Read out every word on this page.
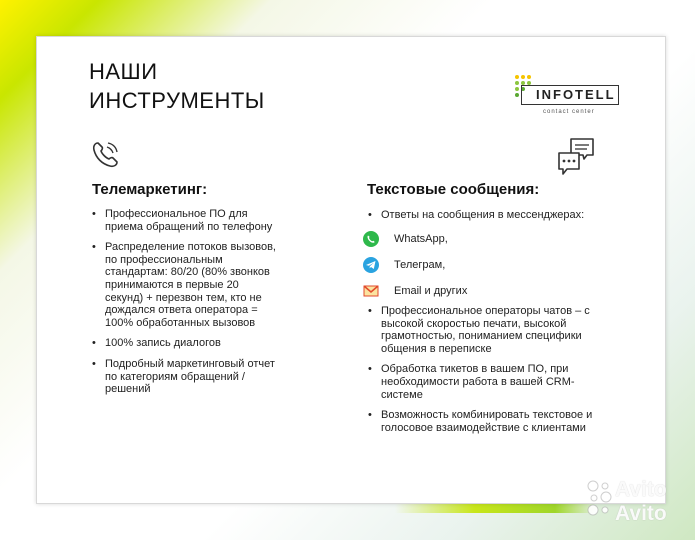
НАШИ
ИНСТРУМЕНТЫ	INFOTELL
contact center
Телемаркетинг:
• Профессиональное ПО для приема обращений по телефону
• Распределение потоков вызовов, по профессиональным стандартам: 80/20 (80% звонков принимаются в первые 20 секунд) + перезвон тем, кто не дождался ответа оператора = 100% обработанных вызовов
• 100% запись диалогов
• Подробный маркетинговый отчет по категориям обращений / решений
Текстовые сообщения:
• Ответы на сообщения в мессенджерах:
WhatsApp,
Телеграм,
Email и других
• Профессиональное операторы чатов – с высокой скоростью печати, высокой грамотностью, пониманием специфики общения в переписке
• Обработка тикетов в вашем ПО, при необходимости работа в вашей CRM-системе
• Возможность комбинировать текстовое и голосовое взаимодействие с клиентами
Avito
Avito
